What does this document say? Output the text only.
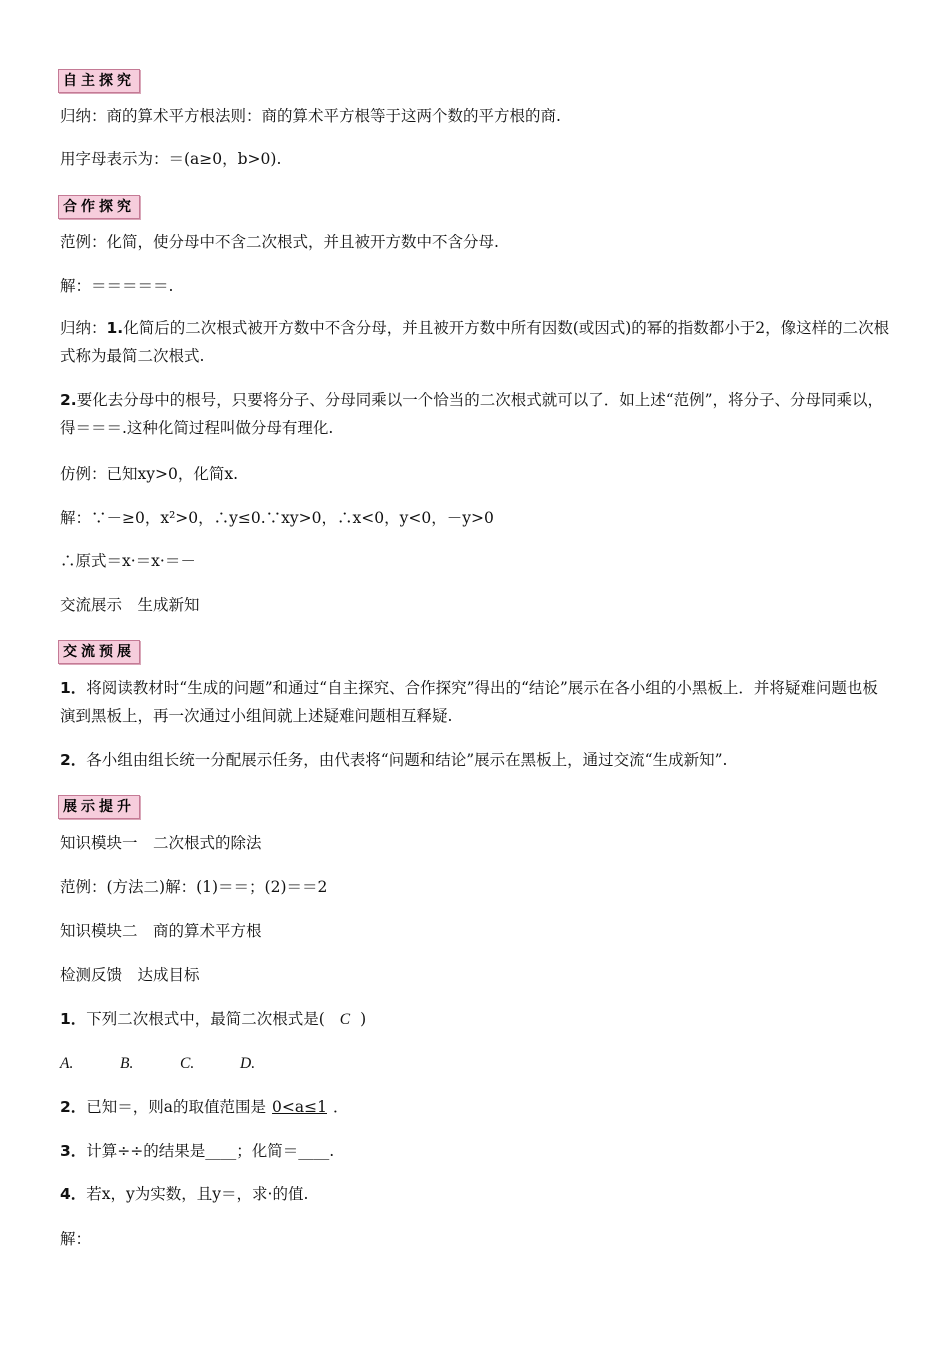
自主探究
归纳：商的算术平方根法则：商的算术平方根等于这两个数的平方根的商.
用字母表示为：＝(a≥0，b>0).
合作探究
范例：化简，使分母中不含二次根式，并且被开方数中不含分母.
解：＝＝＝＝＝.
归纳：1.化简后的二次根式被开方数中不含分母，并且被开方数中所有因数(或因式)的幂的指数都小于2，像这样的二次根式称为最简二次根式.
2.要化去分母中的根号，只要将分子、分母同乘以一个恰当的二次根式就可以了．如上述“范例”，将分子、分母同乘以，得＝＝＝.这种化简过程叫做分母有理化.
仿例：已知xy>0，化简x.
解：∵－≥0，x²>0，∴y≤0.∵xy>0，∴x<0，y<0，－y>0
∴原式＝x·＝x·＝－
交流展示　生成新知
交流预展
1．将阅读教材时“生成的问题”和通过“自主探究、合作探究”得出的“结论”展示在各小组的小黑板上．并将疑难问题也板演到黑板上，再一次通过小组间就上述疑难问题相互释疑.
2．各小组由组长统一分配展示任务，由代表将“问题和结论”展示在黑板上，通过交流“生成新知”.
展示提升
知识模块一　二次根式的除法
范例：(方法二)解：(1)＝＝；(2)＝＝2
知识模块二　商的算术平方根
检测反馈　达成目标
1．下列二次根式中，最简二次根式是( C )
A.	B.	C.	D.
2．已知＝，则a的取值范围是 0<a≤1 ．
3．计算÷÷的结果是____；化简＝____.
4．若x，y为实数，且y＝，求·的值.
解：
